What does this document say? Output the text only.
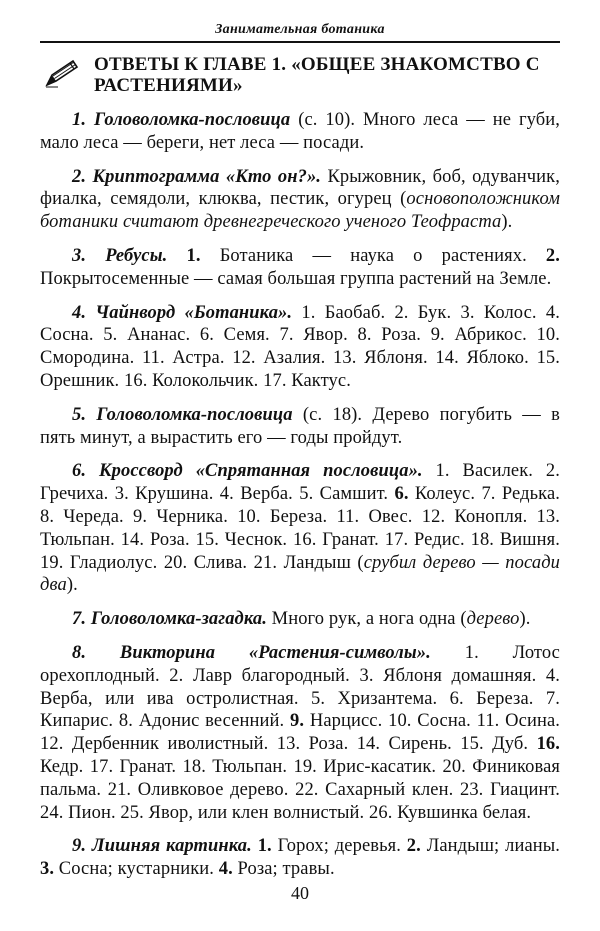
Занимательная ботаника
ОТВЕТЫ К ГЛАВЕ 1. «ОБЩЕЕ ЗНАКОМСТВО С РАСТЕНИЯМИ»

1. Головоломка-пословица (с. 10). Много леса — не губи, мало леса — береги, нет леса — посади.

2. Криптограмма «Кто он?». Крыжовник, боб, одуванчик, фиалка, семядоли, клюква, пестик, огурец (основоположником ботаники считают древнегреческого ученого Теофраста).

3. Ребусы. 1. Ботаника — наука о растениях. 2. Покрытосеменные — самая большая группа растений на Земле.

4. Чайнворд «Ботаника». 1. Баобаб. 2. Бук. 3. Колос. 4. Сосна. 5. Ананас. 6. Семя. 7. Явор. 8. Роза. 9. Абрикос. 10. Смородина. 11. Астра. 12. Азалия. 13. Яблоня. 14. Яблоко. 15. Орешник. 16. Колокольчик. 17. Кактус.

5. Головоломка-пословица (с. 18). Дерево погубить — в пять минут, а вырастить его — годы пройдут.

6. Кроссворд «Спрятанная пословица». 1. Василек. 2. Гречиха. 3. Крушина. 4. Верба. 5. Самшит. 6. Колеус. 7. Редька. 8. Череда. 9. Черника. 10. Береза. 11. Овес. 12. Конопля. 13. Тюльпан. 14. Роза. 15. Чеснок. 16. Гранат. 17. Редис. 18. Вишня. 19. Гладиолус. 20. Слива. 21. Ландыш (срубил дерево — посади два).

7. Головоломка-загадка. Много рук, а нога одна (дерево).

8. Викторина «Растения-символы». 1. Лотос орехоплодный. 2. Лавр благородный. 3. Яблоня домашняя. 4. Верба, или ива остролистная. 5. Хризантема. 6. Береза. 7. Кипарис. 8. Адонис весенний. 9. Нарцисс. 10. Сосна. 11. Осина. 12. Дербенник иволистный. 13. Роза. 14. Сирень. 15. Дуб. 16. Кедр. 17. Гранат. 18. Тюльпан. 19. Ирис-касатик. 20. Финиковая пальма. 21. Оливковое дерево. 22. Сахарный клен. 23. Гиацинт. 24. Пион. 25. Явор, или клен волнистый. 26. Кувшинка белая.

9. Лишняя картинка. 1. Горох; деревья. 2. Ландыш; лианы. 3. Сосна; кустарники. 4. Роза; травы.

40
